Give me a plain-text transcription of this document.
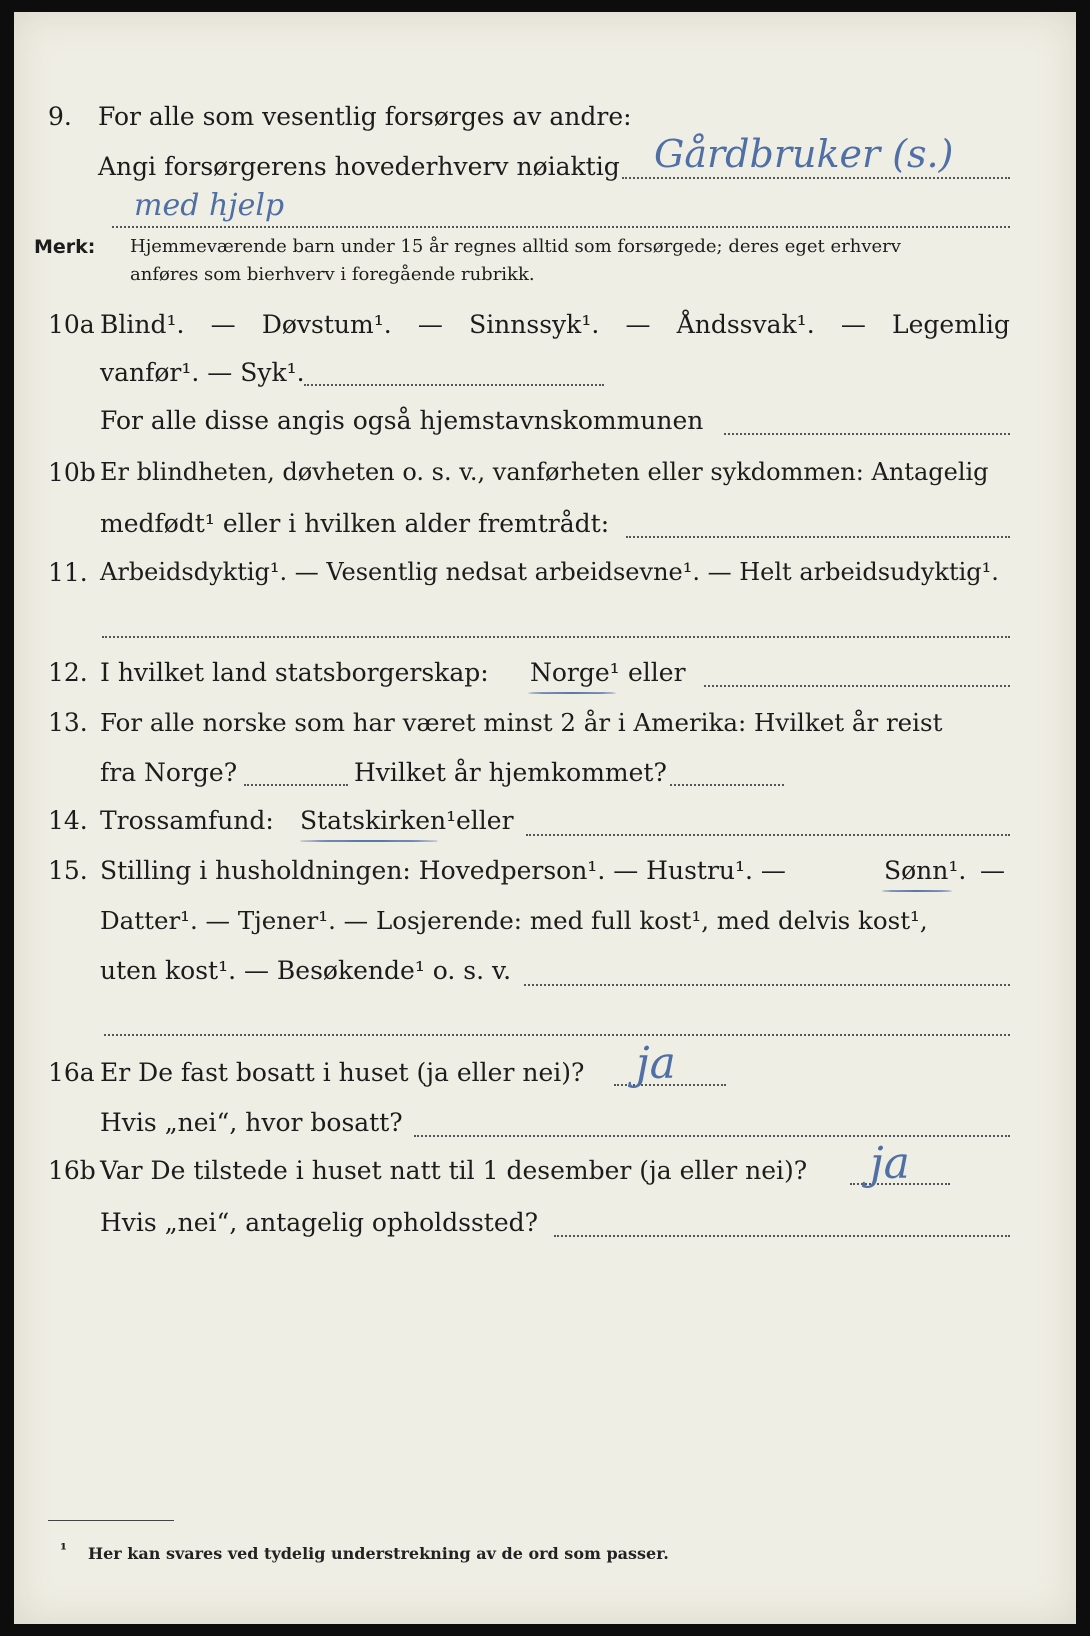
9. For alle som vesentlig forsørges av andre:
Angi forsørgerens hovederhverv nøiaktig Gårdbruker (s.)
med hjelp
Merk: Hjemmeværende barn under 15 år regnes alltid som forsørgede; deres eget erhverv
anføres som bierhverv i foregående rubrikk.
10a Blind¹. — Døvstum¹. — Sinnssyk¹. — Åndssvak¹. — Legemlig
vanfør¹. — Syk¹.
For alle disse angis også hjemstavnskommunen
10b Er blindheten, døvheten o. s. v., vanførheten eller sykdommen: Antagelig
medfødt¹ eller i hvilken alder fremtrådt:
11. Arbeidsdyktig¹. — Vesentlig nedsat arbeidsevne¹. — Helt arbeidsudyktig¹.
12. I hvilket land statsborgerskap: Norge¹ eller
13. For alle norske som har været minst 2 år i Amerika: Hvilket år reist
fra Norge?	Hvilket år hjemkommet?
14. Trossamfund: Statskirken¹ eller
15. Stilling i husholdningen: Hovedperson¹. — Hustru¹. —	Sønn¹. —
Datter¹. — Tjener¹. — Losjerende: med full kost¹, med delvis kost¹,
uten kost¹. — Besøkende¹ o. s. v.
16a Er De fast bosatt i huset (ja eller nei)? ja
Hvis „nei“, hvor bosatt?
16b Var De tilstede i huset natt til 1 desember (ja eller nei)? ja
Hvis „nei“, antagelig opholdssted?
¹ Her kan svares ved tydelig understrekning av de ord som passer.
